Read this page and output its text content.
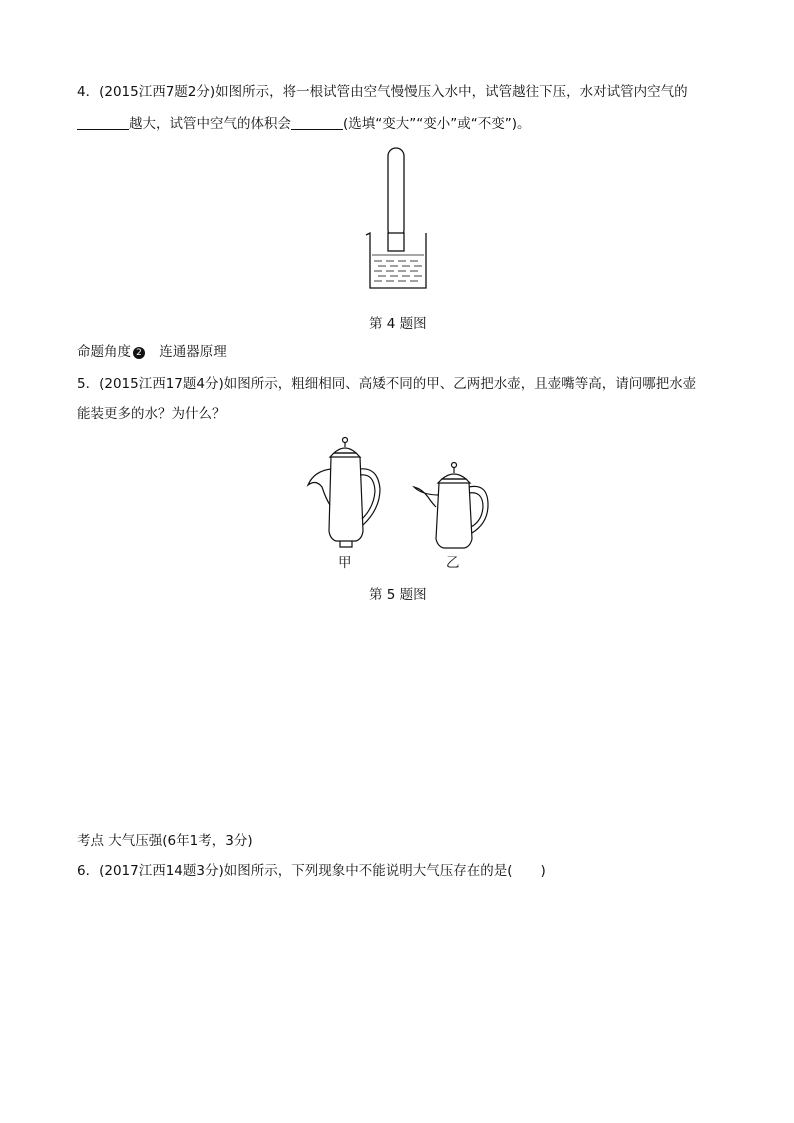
4．(2015江西7题2分)如图所示，将一根试管由空气慢慢压入水中，试管越往下压，水对试管内空气的
越大，试管中空气的体积会	(选填“变大”“变小”或“不变”)。
第 4 题图
命题角度 2 连通器原理
5．(2015江西17题4分)如图所示，粗细相同、高矮不同的甲、乙两把水壶，且壶嘴等高，请问哪把水壶
能装更多的水？为什么？
甲	乙
第 5 题图
考点 大气压强(6年1考，3分)
6．(2017江西14题3分)如图所示，下列现象中不能说明大气压存在的是( )
